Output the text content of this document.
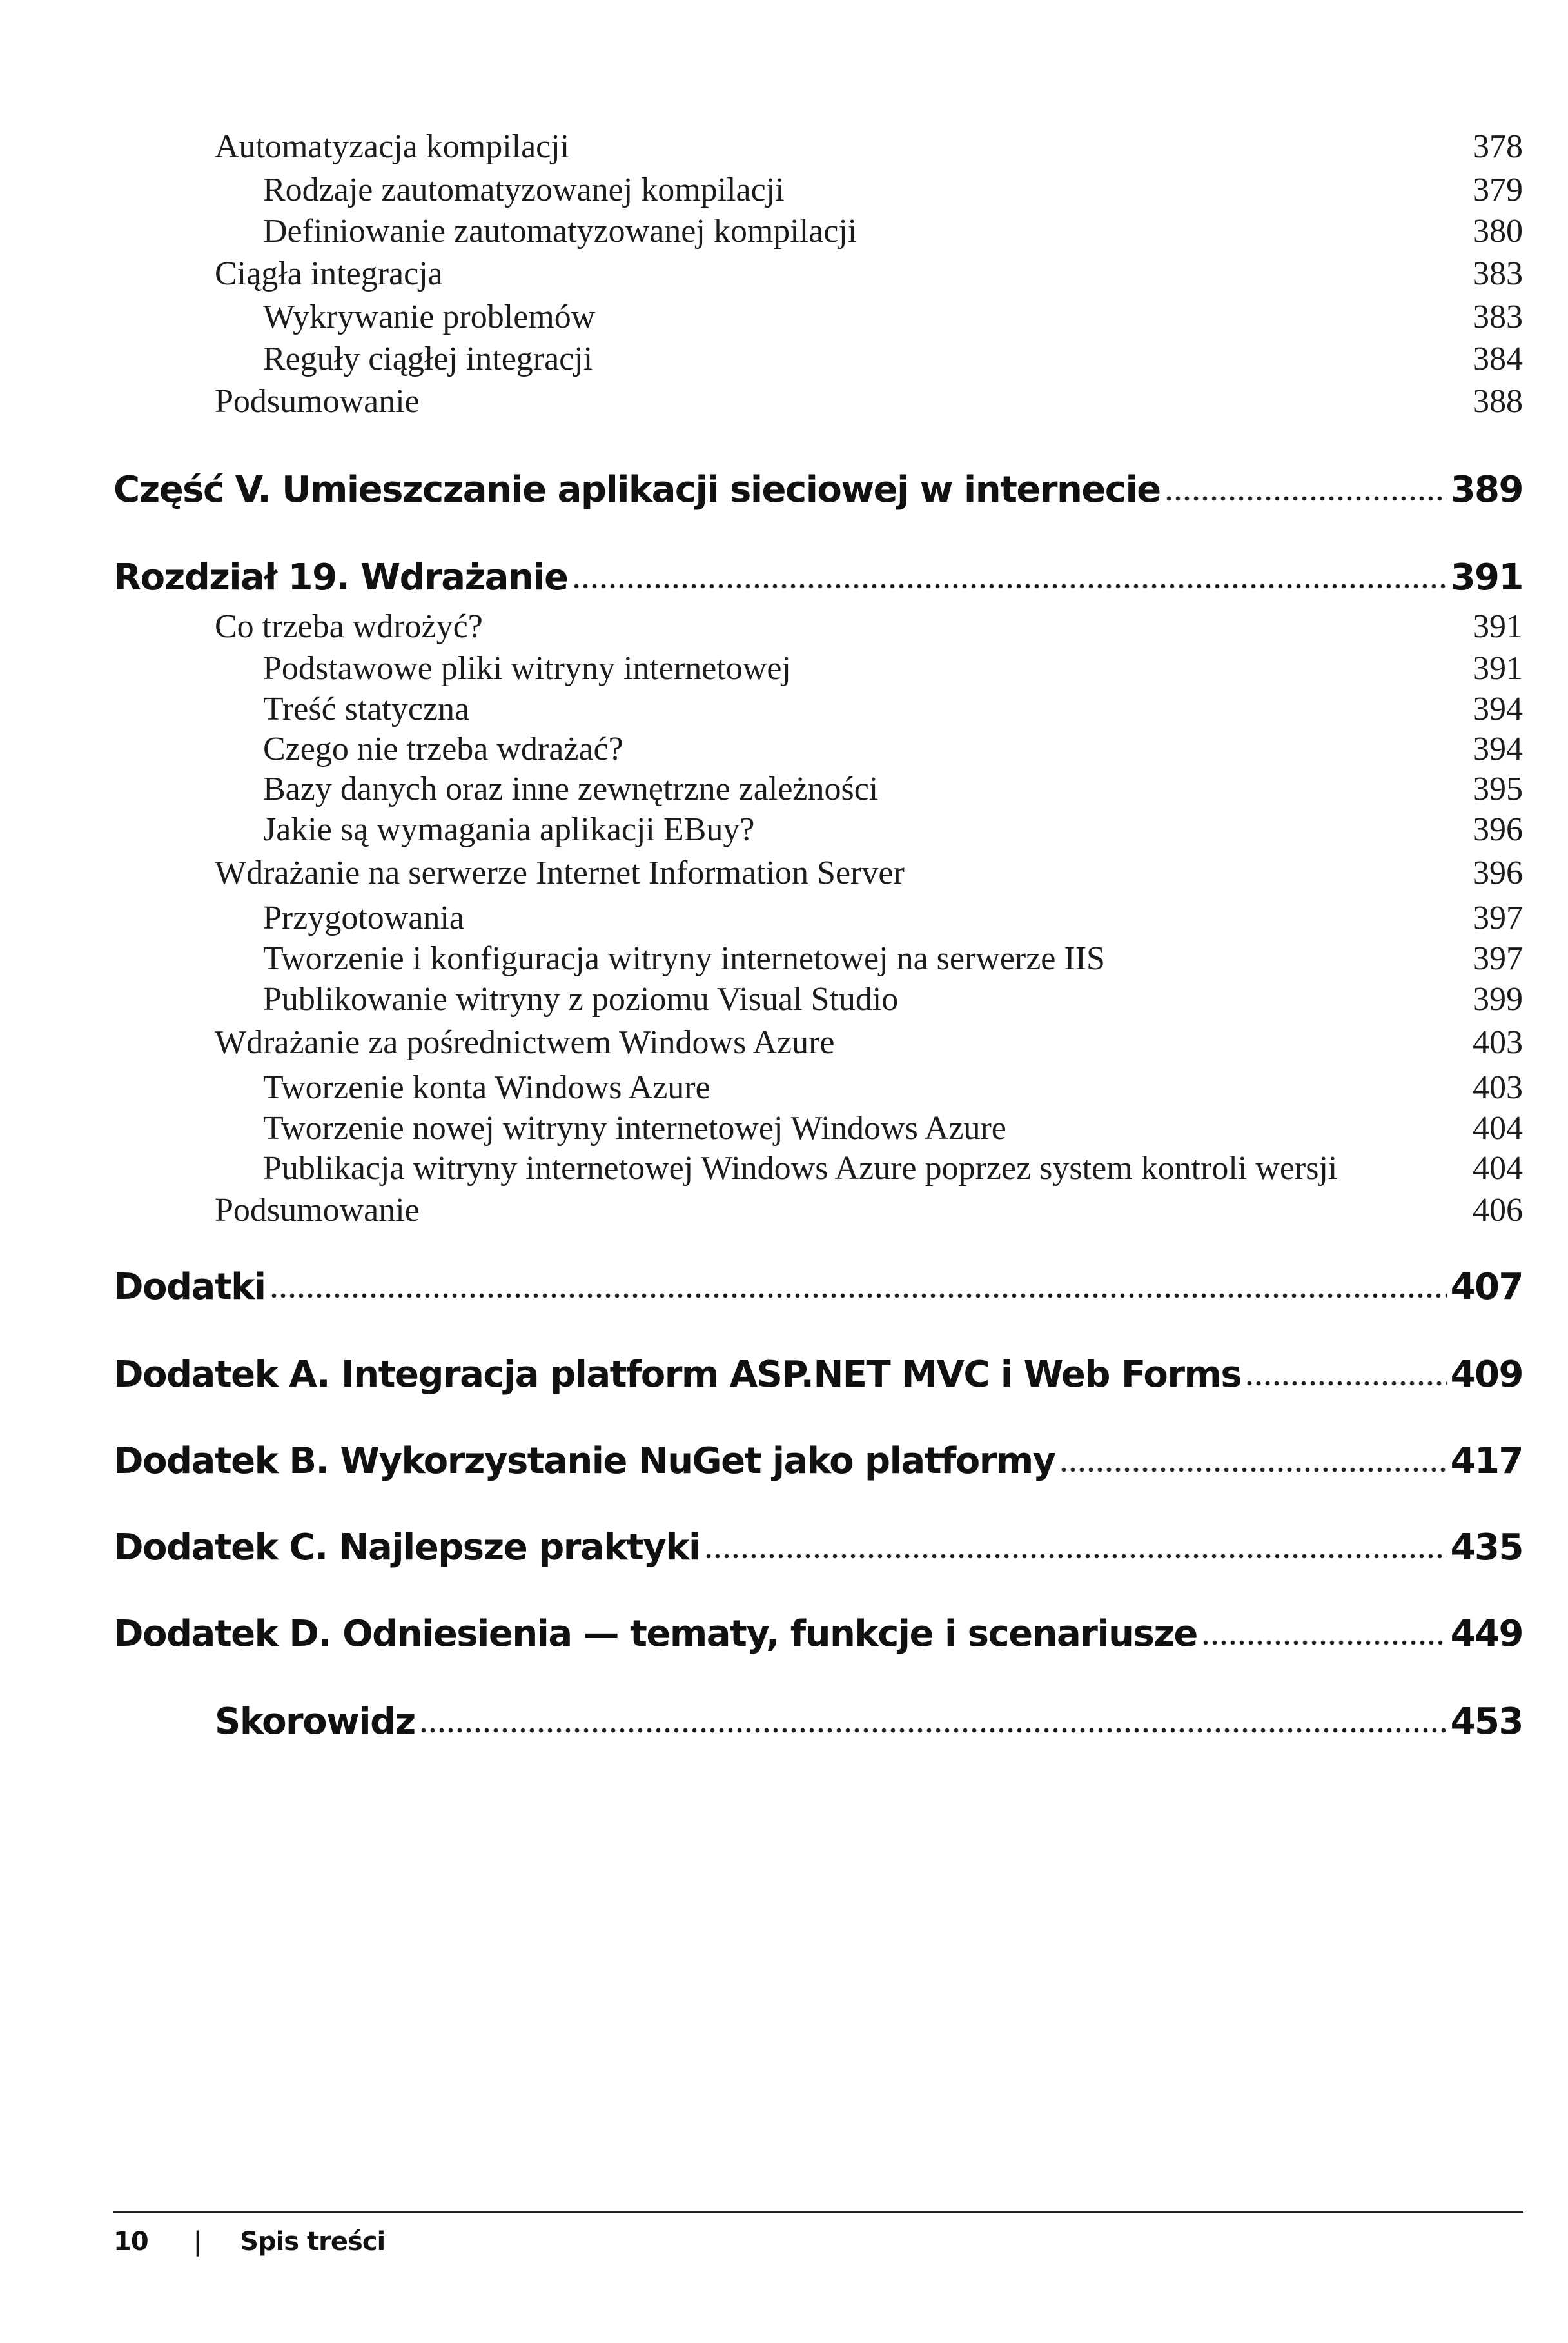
Automatyzacja kompilacji	378
Rodzaje zautomatyzowanej kompilacji	379
Definiowanie zautomatyzowanej kompilacji	380
Ciągła integracja	383
Wykrywanie problemów	383
Reguły ciągłej integracji	384
Podsumowanie	388
Część V. Umieszczanie aplikacji sieciowej w internecie	389
Rozdział 19. Wdrażanie	391
Co trzeba wdrożyć?	391
Podstawowe pliki witryny internetowej	391
Treść statyczna	394
Czego nie trzeba wdrażać?	394
Bazy danych oraz inne zewnętrzne zależności	395
Jakie są wymagania aplikacji EBuy?	396
Wdrażanie na serwerze Internet Information Server	396
Przygotowania	397
Tworzenie i konfiguracja witryny internetowej na serwerze IIS	397
Publikowanie witryny z poziomu Visual Studio	399
Wdrażanie za pośrednictwem Windows Azure	403
Tworzenie konta Windows Azure	403
Tworzenie nowej witryny internetowej Windows Azure	404
Publikacja witryny internetowej Windows Azure poprzez system kontroli wersji	404
Podsumowanie	406
Dodatki	407
Dodatek A. Integracja platform ASP.NET MVC i Web Forms	409
Dodatek B. Wykorzystanie NuGet jako platformy	417
Dodatek C. Najlepsze praktyki	435
Dodatek D. Odniesienia — tematy, funkcje i scenariusze	449
Skorowidz	453
10 | Spis treści
